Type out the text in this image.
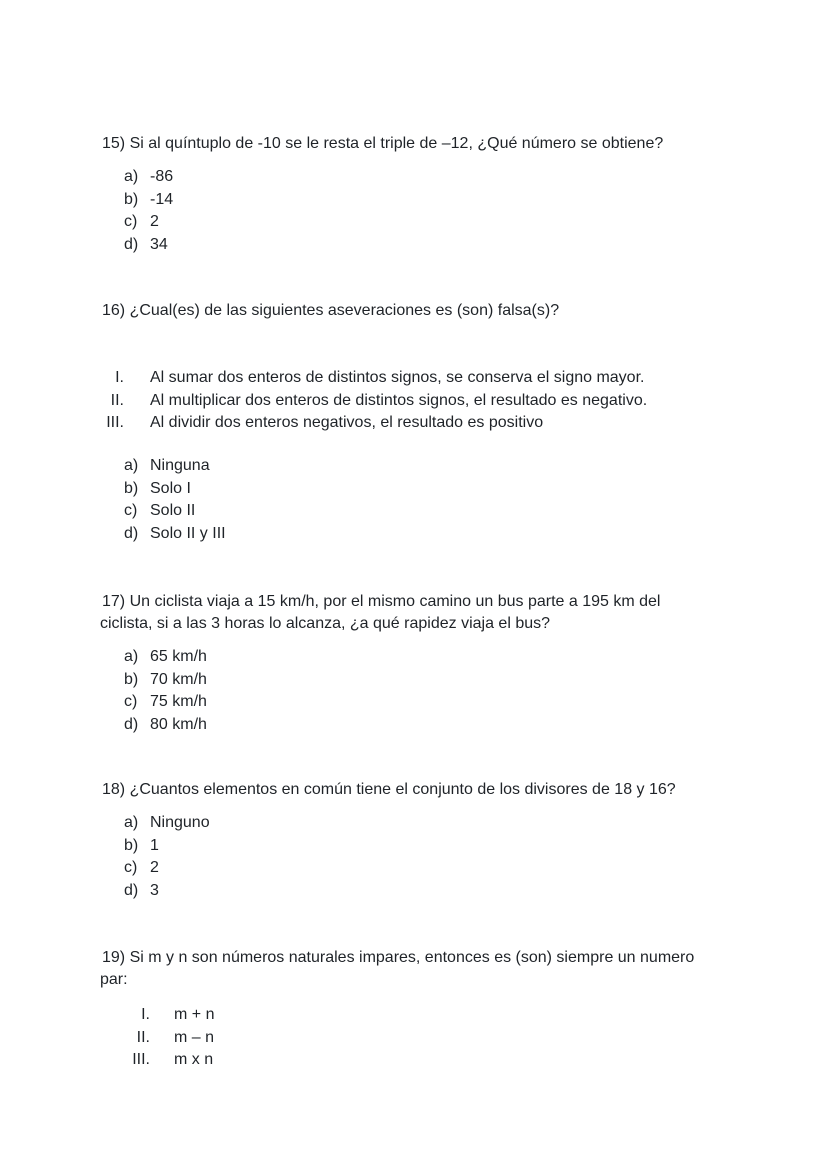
15) Si al quíntuplo de -10 se le resta el triple de –12, ¿Qué número se obtiene?

a) -86
b) -14
c) 2
d) 34

16) ¿Cual(es) de las siguientes aseveraciones es (son) falsa(s)?

I. Al sumar dos enteros de distintos signos, se conserva el signo mayor.
II. Al multiplicar dos enteros de distintos signos, el resultado es negativo.
III. Al dividir dos enteros negativos, el resultado es positivo
a) Ninguna
b) Solo I
c) Solo II
d) Solo II y III

17) Un ciclista viaja a 15 km/h, por el mismo camino un bus parte a 195 km del

ciclista, si a las 3 horas lo alcanza, ¿a qué rapidez viaja el bus?

a) 65 km/h
b) 70 km/h
c) 75 km/h
d) 80 km/h

18) ¿Cuantos elementos en común tiene el conjunto de los divisores de 18 y 16?

a) Ninguno
b) 1
c) 2
d) 3

19) Si m y n son números naturales impares, entonces es (son) siempre un numero

par:

I. m + n
II. m – n
III. m x n
